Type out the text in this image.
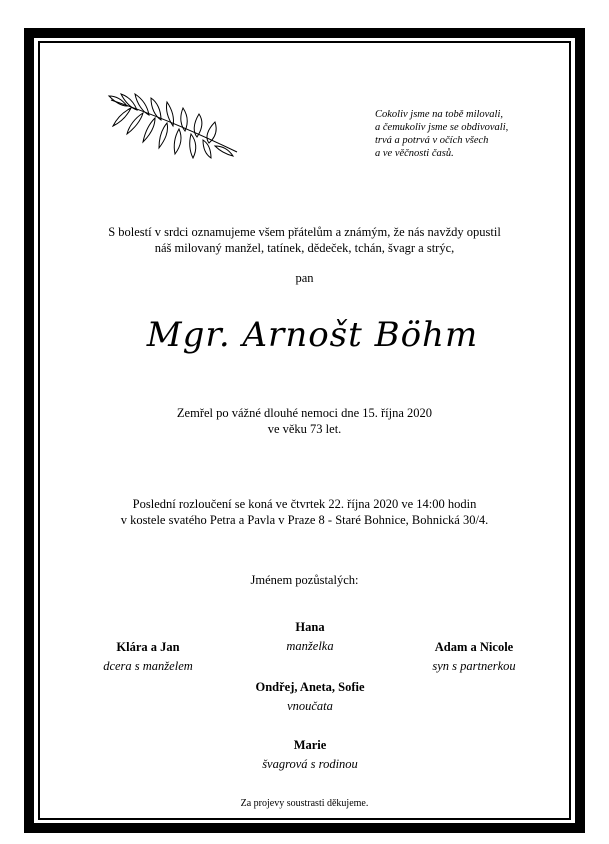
Cokoliv jsme na tobě milovali,
a čemukoliv jsme se obdivovali,
trvá a potrvá v očích všech
a ve věčnosti časů.
S bolestí v srdci oznamujeme všem přátelům a známým, že nás navždy opustil
náš milovaný manžel, tatínek, dědeček, tchán, švagr a strýc,
pan
Mgr. Arnošt Böhm
Zemřel po vážné dlouhé nemoci dne 15. října 2020
ve věku 73 let.
Poslední rozloučení se koná ve čtvrtek 22. října 2020 ve 14:00 hodin
v kostele svatého Petra a Pavla v Praze 8 - Staré Bohnice, Bohnická 30/4.
Jménem pozůstalých:
Hana
manželka
Klára a Jan
dcera s manželem
Adam a Nicole
syn s partnerkou
Ondřej, Aneta, Sofie
vnoučata
Marie
švagrová s rodinou
Za projevy soustrasti děkujeme.
